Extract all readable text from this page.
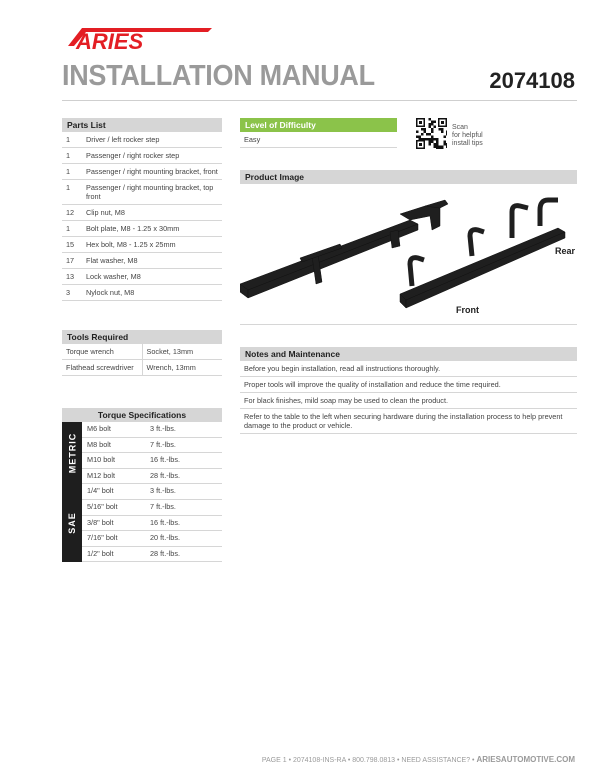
ARIES
INSTALLATION MANUAL	2074108
Parts List
1	Driver / left rocker step
1	Passenger / right rocker step
1	Passenger / right mounting bracket, front
1	Passenger / right mounting bracket, top front
12	Clip nut, M8
1	Bolt plate, M8 - 1.25 x 30mm
15	Hex bolt, M8 - 1.25 x 25mm
17	Flat washer, M8
13	Lock washer, M8
3	Nylock nut, M8
Tools Required
Torque wrench	Socket, 13mm
Flathead screwdriver	Wrench, 13mm
Torque Specifications
METRIC
M6 bolt	3 ft.-lbs.
M8 bolt	7 ft.-lbs.
M10 bolt	16 ft.-lbs.
M12 bolt	28 ft.-lbs.
SAE
1/4" bolt	3 ft.-lbs.
5/16" bolt	7 ft.-lbs.
3/8" bolt	16 ft.-lbs.
7/16" bolt	20 ft.-lbs.
1/2" bolt	28 ft.-lbs.
Level of Difficulty
Easy
Scan
for helpful
install tips
Product Image
Rear
Front
Notes and Maintenance
Before you begin installation, read all instructions thoroughly.
Proper tools will improve the quality of installation and reduce the time required.
For black finishes, mild soap may be used to clean the product.
Refer to the table to the left when securing hardware during the installation process to help prevent damage to the product or vehicle.
PAGE 1 • 2074108-INS-RA • 800.798.0813 • NEED ASSISTANCE? • ARIESAUTOMOTIVE.COM
